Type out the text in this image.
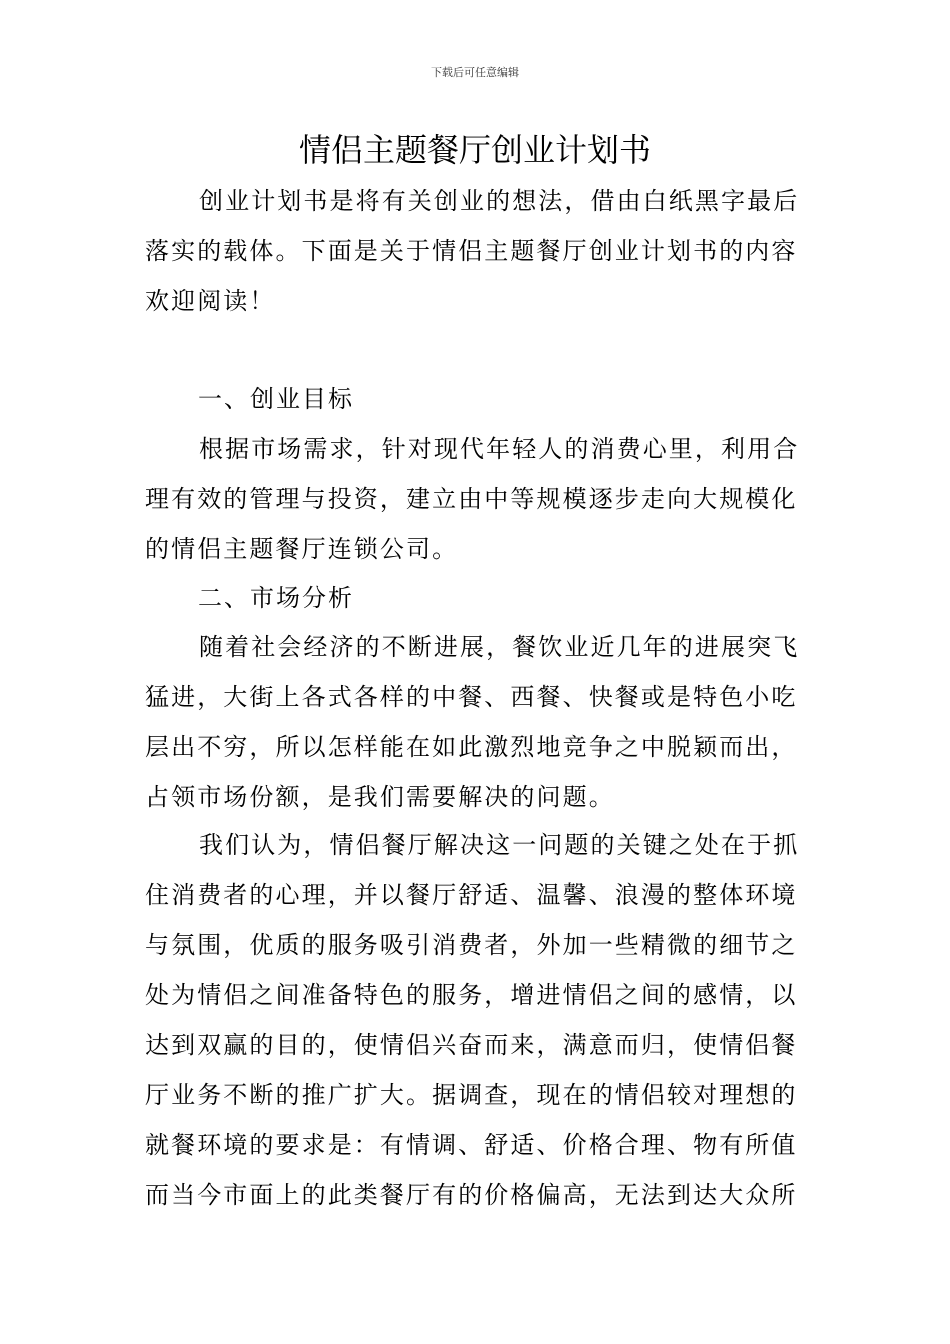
下载后可任意编辑
情侣主题餐厅创业计划书

创业计划书是将有关创业的想法，借由白纸黑字最后
落实的载体。下面是关于情侣主题餐厅创业计划书的内容
欢迎阅读！

一、创业目标

根据市场需求，针对现代年轻人的消费心里，利用合
理有效的管理与投资，建立由中等规模逐步走向大规模化
的情侣主题餐厅连锁公司。

二、市场分析

随着社会经济的不断进展，餐饮业近几年的进展突飞
猛进，大街上各式各样的中餐、西餐、快餐或是特色小吃
层出不穷，所以怎样能在如此激烈地竞争之中脱颖而出，
占领市场份额，是我们需要解决的问题。

我们认为，情侣餐厅解决这一问题的关键之处在于抓
住消费者的心理，并以餐厅舒适、温馨、浪漫的整体环境
与氛围，优质的服务吸引消费者，外加一些精微的细节之
处为情侣之间准备特色的服务，增进情侣之间的感情，以
达到双赢的目的，使情侣兴奋而来，满意而归，使情侣餐
厅业务不断的推广扩大。据调查，现在的情侣较对理想的
就餐环境的要求是：有情调、舒适、价格合理、物有所值
而当今市面上的此类餐厅有的价格偏高，无法到达大众所
